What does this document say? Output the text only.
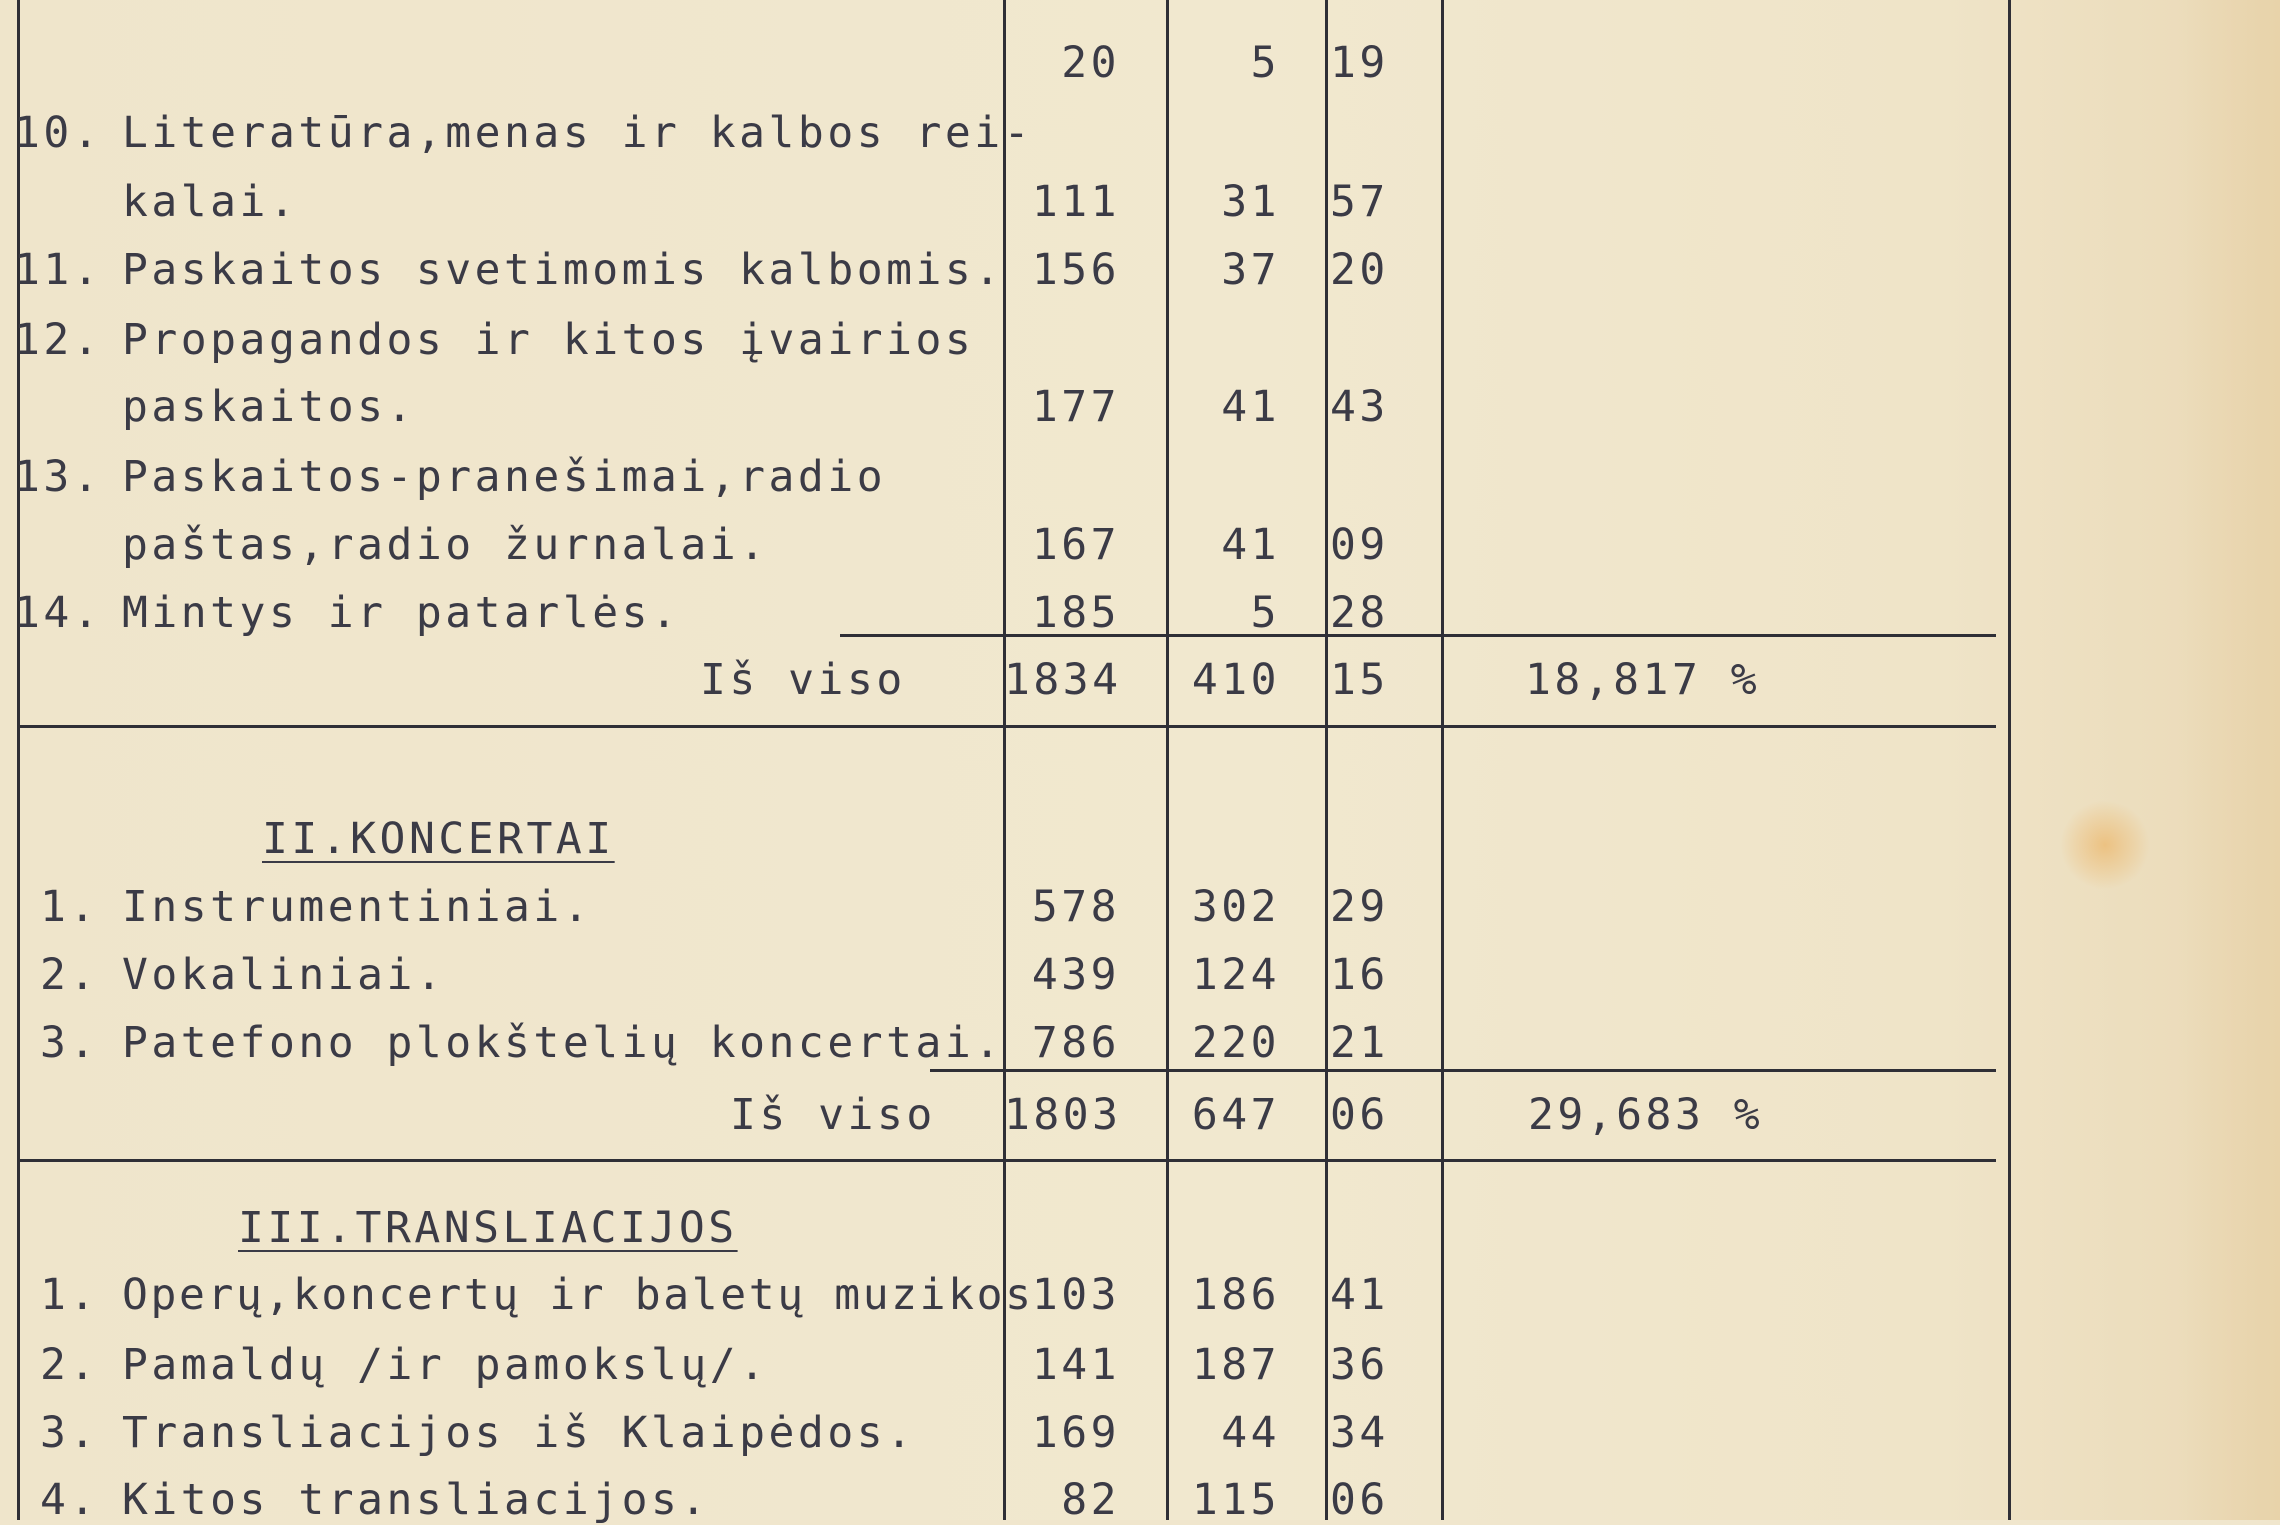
20	5 19
10. Literatūra,menas ir kalbos rei-
kalai.	111	31 57
11. Paskaitos svetimomis kalbomis. 156	37 20
12. Propagandos ir kitos įvairios
paskaitos.	177	41 43
13. Paskaitos-pranešimai,radio
paštas,radio žurnalai.	167	41 09
14. Mintys ir patarlės.	185	5 28
Iš viso 1834	410 15	18,817 %
II.KONCERTAI
1. Instrumentiniai.	578	302 29
2. Vokaliniai.	439	124 16
3. Patefono plokštelių koncertai. 786	220 21
Iš viso 1803	647 06	29,683 %
III.TRANSLIACIJOS
1. Operų,koncertų ir baletų muzikos
103	186 41
2. Pamaldų /ir pamokslų/.	141	187 36
3. Transliacijos iš Klaipėdos.	169	44 34
4. Kitos transliacijos.	82	115 06
